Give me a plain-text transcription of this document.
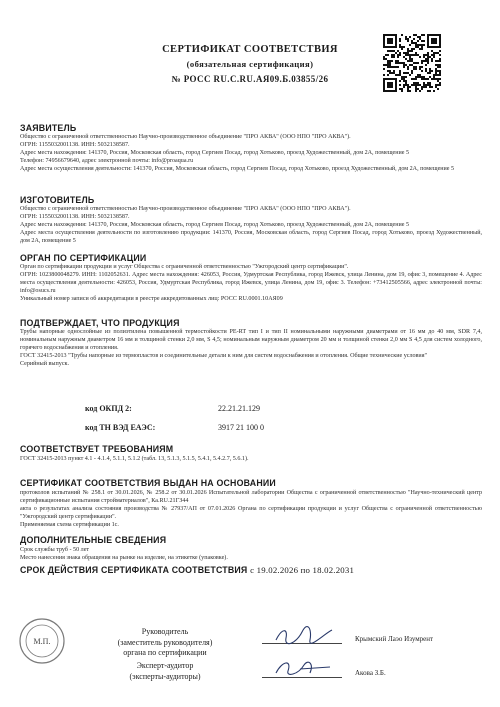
СЕРТИФИКАТ СООТВЕТСТВИЯ
(обязательная сертификация)
№ РОСС RU.C.RU.АЯ09.Б.03855/26
ЗАЯВИТЕЛЬ
Общество с ограниченной ответственностью Научно-производственное объединение "ПРО АКВА" (ООО НПО "ПРО АКВА").
ОГРН: 1155032001138. ИНН: 5032138587.
Адрес места нахождения: 141370, Россия, Московская область, город Сергиев Посад, город Хотьково, проезд Художественный, дом 2А, помещение 5
Телефон: 74956679640, адрес электронной почты: info@proaqua.ru
Адрес места осуществления деятельности: 141370, Россия, Московская область, город Сергиев Посад, город Хотьково, проезд Художественный, дом 2А, помещение 5
ИЗГОТОВИТЕЛЬ
Общество с ограниченной ответственностью Научно-производственное объединение "ПРО АКВА" (ООО НПО "ПРО АКВА").
ОГРН: 1155032001138. ИНН: 5032138587.
Адрес места нахождения: 141370, Россия, Московская область, город Сергиев Посад, город Хотьково, проезд Художественный, дом 2А, помещение 5
Адрес места осуществления деятельности по изготовлению продукции: 141370, Россия, Московская область, город Сергиев Посад, город Хотьково, проезд Художественный, дом 2А, помещение 5
ОРГАН ПО СЕРТИФИКАЦИИ
Орган по сертификации продукции и услуг Общества с ограниченной ответственностью "Ужгородский центр сертификации".
ОГРН: 1023800048279. ИНН: 1102052631. Адрес места нахождения: 426053, Россия, Удмуртская Республика, город Ижевск, улица Ленина, дом 19, офис 3, помещение 4. Адрес места осуществления деятельности: 426053, Россия, Удмуртская Республика, город Ижевск, улица Ленина, дом 19, офис 3. Телефон: +73412505566, адрес электронной почты: info@osucs.ru
Уникальный номер записи об аккредитации в реестре аккредитованных лиц: РОСС RU.0001.10АЯ09
ПОДТВЕРЖДАЕТ, ЧТО ПРОДУКЦИЯ
Трубы напорные однослойные из полиэтилена повышенной термостойкости PE-RT тип I и тип II номинальными наружными диаметрами от 16 мм до 40 мм, SDR 7,4, номинальным наружным диаметром 16 мм и толщиной стенки 2,0 мм, S 4,5; номинальным наружным диаметром 20 мм и толщиной стенки 2,0 мм S 4,5 для систем холодного, горячего водоснабжения и отопления.
ГОСТ 32415-2013 "Трубы напорные из термопластов и соединительные детали к ним для систем водоснабжения и отопления. Общие технические условия"
Серийный выпуск.
код ОКПД 2:	22.21.21.129
код ТН ВЭД ЕАЭС:	3917 21 100 0
СООТВЕТСТВУЕТ ТРЕБОВАНИЯМ
ГОСТ 32415-2013 пункт 4.1 - 4.1.4, 5.1.1, 5.1.2 (табл. 13, 5.1.3, 5.1.5, 5.4.1, 5.4.2.7, 5.6.1).
СЕРТИФИКАТ СООТВЕТСТВИЯ ВЫДАН НА ОСНОВАНИИ
протоколов испытаний № 258.1 от 30.01.2026, № 258.2 от 30.01.2026 Испытательной лаборатории Общества с ограниченной ответственностью "Научно-технический центр сертификационные испытания стройматериалов", Ка.RU.21ГЗ44
акта о результатах анализа состояния производства № 27937/АП от 07.01.2026 Органа по сертификации продукции и услуг Общества с ограниченной ответственностью "Ужгородский центр сертификации".
Применяемая схема сертификации 1с.
ДОПОЛНИТЕЛЬНЫЕ СВЕДЕНИЯ
Срок службы труб - 50 лет
Место нанесения знака обращения на рынке на изделие, на этикетке (упаковке).
СРОК ДЕЙСТВИЯ СЕРТИФИКАТА СООТВЕТСТВИЯ с 19.02.2026 по 18.02.2031
Руководитель
(заместитель руководителя)
органа по сертификации
Крымский Лаэо Изумрент
Эксперт-аудитор
(эксперты-аудиторы)	Акова З.Б.
М.П.
